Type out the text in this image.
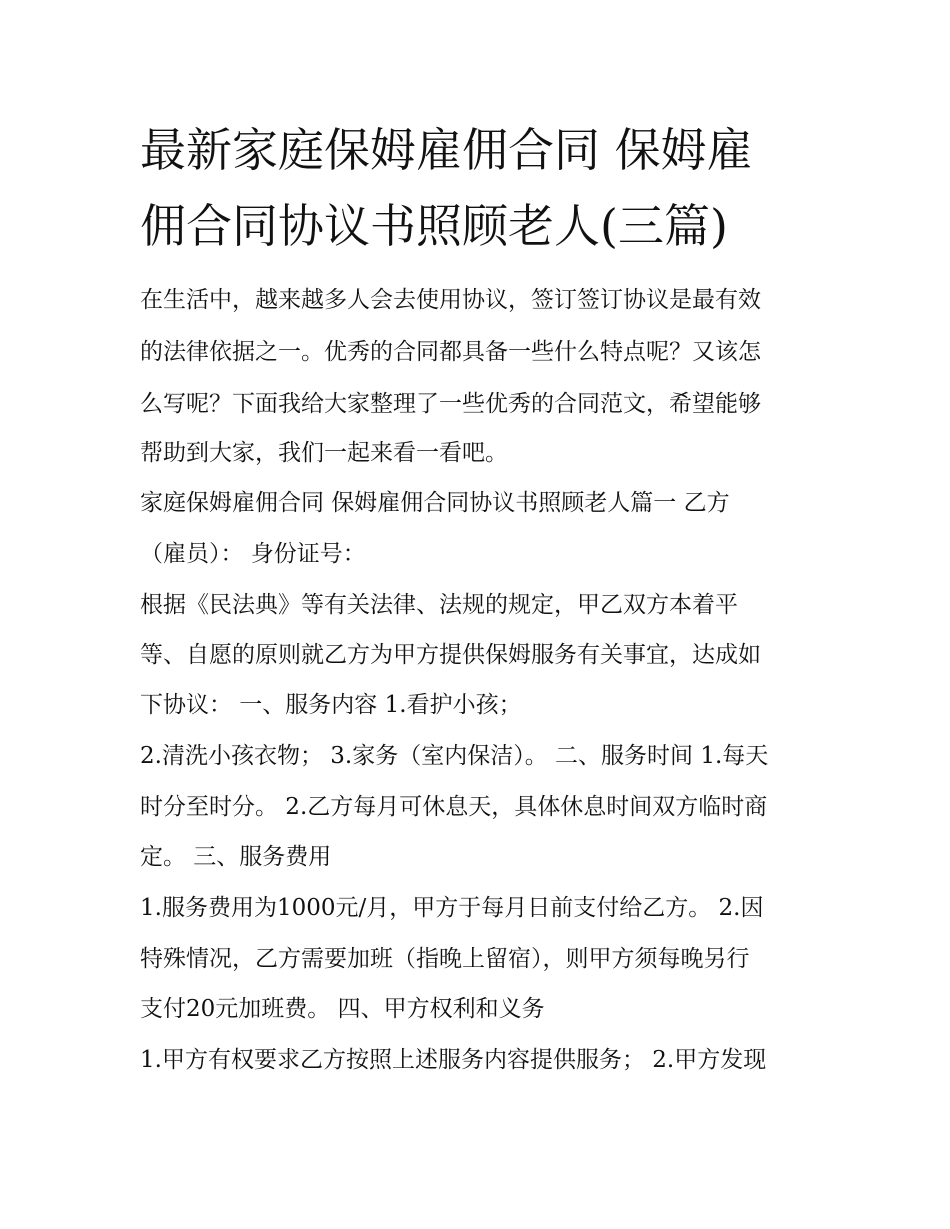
最新家庭保姆雇佣合同 保姆雇
佣合同协议书照顾老人(三篇)

在生活中，越来越多人会去使用协议，签订签订协议是最有效

的法律依据之一。优秀的合同都具备一些什么特点呢？又该怎

么写呢？下面我给大家整理了一些优秀的合同范文，希望能够

帮助到大家，我们一起来看一看吧。

家庭保姆雇佣合同 保姆雇佣合同协议书照顾老人篇一 乙方

（雇员）： 身份证号：

根据《民法典》等有关法律、法规的规定，甲乙双方本着平

等、自愿的原则就乙方为甲方提供保姆服务有关事宜，达成如

下协议： 一、服务内容 1.看护小孩；

2.清洗小孩衣物； 3.家务（室内保洁）。 二、服务时间 1.每天

时分至时分。 2.乙方每月可休息天，具体休息时间双方临时商

定。 三、服务费用

1.服务费用为1000元/月，甲方于每月日前支付给乙方。 2.因

特殊情况，乙方需要加班（指晚上留宿），则甲方须每晚另行

支付20元加班费。 四、甲方权利和义务

1.甲方有权要求乙方按照上述服务内容提供服务； 2.甲方发现
